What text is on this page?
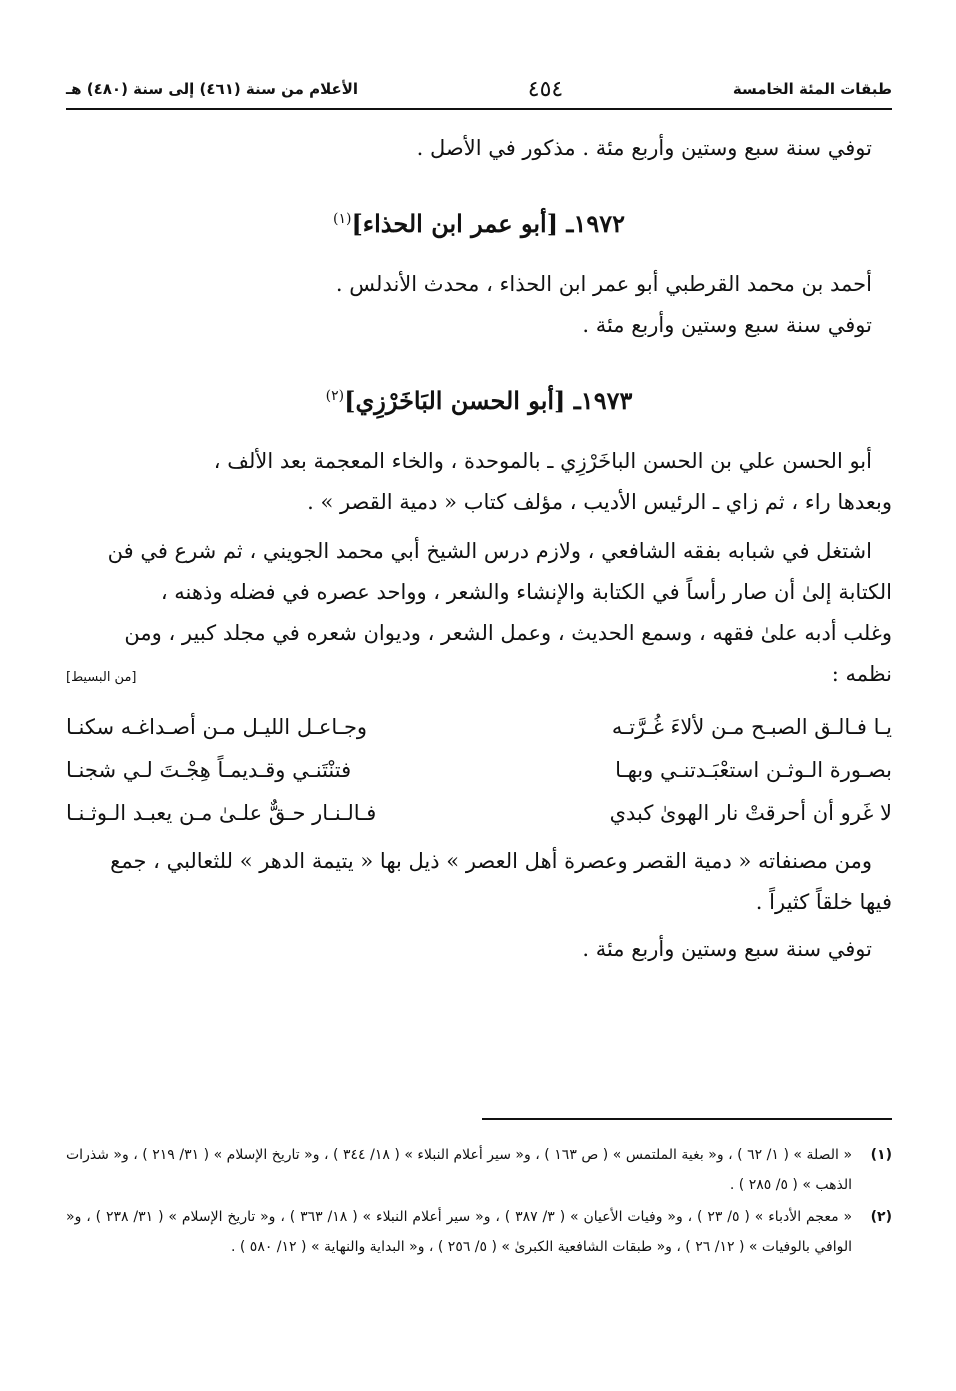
طبقات المئة الخامسة
٤٥٤
الأعلام من سنة (٤٦١) إلى سنة (٤٨٠) هـ

توفي سنة سبع وستين وأربع مئة . مذكور في الأصل .

١٩٧٢ـ [أبو عمر ابن الحذاء]$^{(١)}$

أحمد بن محمد القرطبي أبو عمر ابن الحذاء ، محدث الأندلس .

توفي سنة سبع وستين وأربع مئة .

١٩٧٣ـ [أبو الحسن البَاخَرْزِي]$^{(٢)}$
أبو الحسن علي بن الحسن الباخَرْزِي ـ بالموحدة ، والخاء المعجمة بعد الألف ،
وبعدها راء ، ثم زاي ـ الرئيس الأديب ، مؤلف كتاب « دمية القصر » .
اشتغل في شبابه بفقه الشافعي ، ولازم درس الشيخ أبي محمد الجويني ، ثم شرع في فن
الكتابة إلىٰ أن صار رأساً في الكتابة والإنشاء والشعر ، وواحد عصره في فضله وذهنه ،
وغلب أدبه علىٰ فقهه ، وسمع الحديث ، وعمل الشعر ، وديوان شعره في مجلد كبير ، ومن
نظمه :
[من البسيط]
يـا فـالـق الصبـح مـن لألاءَ غُـرَّتـه
وجـاعـل الليـل مـن أصـداغـه سكنـا
بصـورة الـوثـن استعْبَـدتنـي وبهـا
فتنْتَنـي وقـديمـاً هِجْـتَ لـي شجنـا
لا غَرو أن أحرقتْ نار الهوىٰ كبدي
فـالـنـار حـقٌّ علـىٰ مـن يعبـد الـوثـنـا
ومن مصنفاته « دمية القصر وعصرة أهل العصر » ذيل بها « يتيمة الدهر » للثعالبي ، جمع
فيها خلقاً كثيراً .
توفي سنة سبع وستين وأربع مئة .
(١)
« الصلة » ( ١/ ٦٢ ) ، و« بغية الملتمس » ( ص ١٦٣ ) ، و« سير أعلام النبلاء » ( ١٨/ ٣٤٤ ) ، و« تاريخ الإسلام » ( ٣١/ ٢١٩ ) ، و« شذرات الذهب » ( ٥/ ٢٨٥ ) .
(٢)
« معجم الأدباء » ( ٥/ ٢٣ ) ، و« وفيات الأعيان » ( ٣/ ٣٨٧ ) ، و« سير أعلام النبلاء » ( ١٨/ ٣٦٣ ) ، و« تاريخ الإسلام » ( ٣١/ ٢٣٨ ) ، و« الوافي بالوفيات » ( ١٢/ ٢٦ ) ، و« طبقات الشافعية الكبرىٰ » ( ٥/ ٢٥٦ ) ، و« البداية والنهاية » ( ١٢/ ٥٨٠ ) .
